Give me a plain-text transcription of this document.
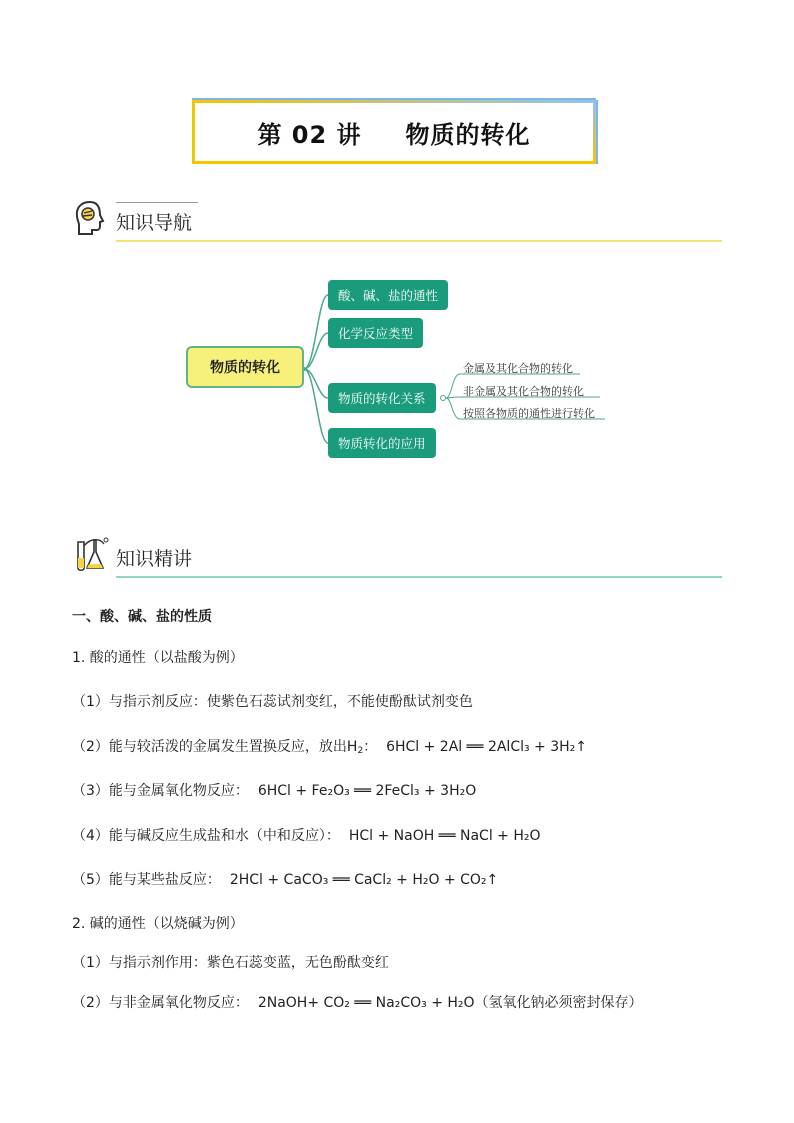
第 02 讲 物质的转化
知识导航
物质的转化
酸、碱、盐的通性
化学反应类型
物质的转化关系
物质转化的应用
金属及其化合物的转化
非金属及其化合物的转化
按照各物质的通性进行转化
知识精讲
一、酸、碱、盐的性质
1. 酸的通性（以盐酸为例）
（1）与指示剂反应：使紫色石蕊试剂变红，不能使酚酞试剂变色
（2）能与较活泼的金属发生置换反应，放出$H_2$：  6HCl + 2Al ══ 2AlCl₃ + 3H₂↑
（3）能与金属氧化物反应： 6HCl + Fe₂O₃ ══ 2FeCl₃ + 3H₂O
（4）能与碱反应生成盐和水（中和反应）： HCl + NaOH ══ NaCl + H₂O
（5）能与某些盐反应： 2HCl + CaCO₃ ══ CaCl₂ + H₂O + CO₂↑
2. 碱的通性（以烧碱为例）
（1）与指示剂作用：紫色石蕊变蓝，无色酚酞变红
（2）与非金属氧化物反应： 2NaOH+ CO₂ ══ Na₂CO₃ + H₂O（氢氧化钠必须密封保存）
